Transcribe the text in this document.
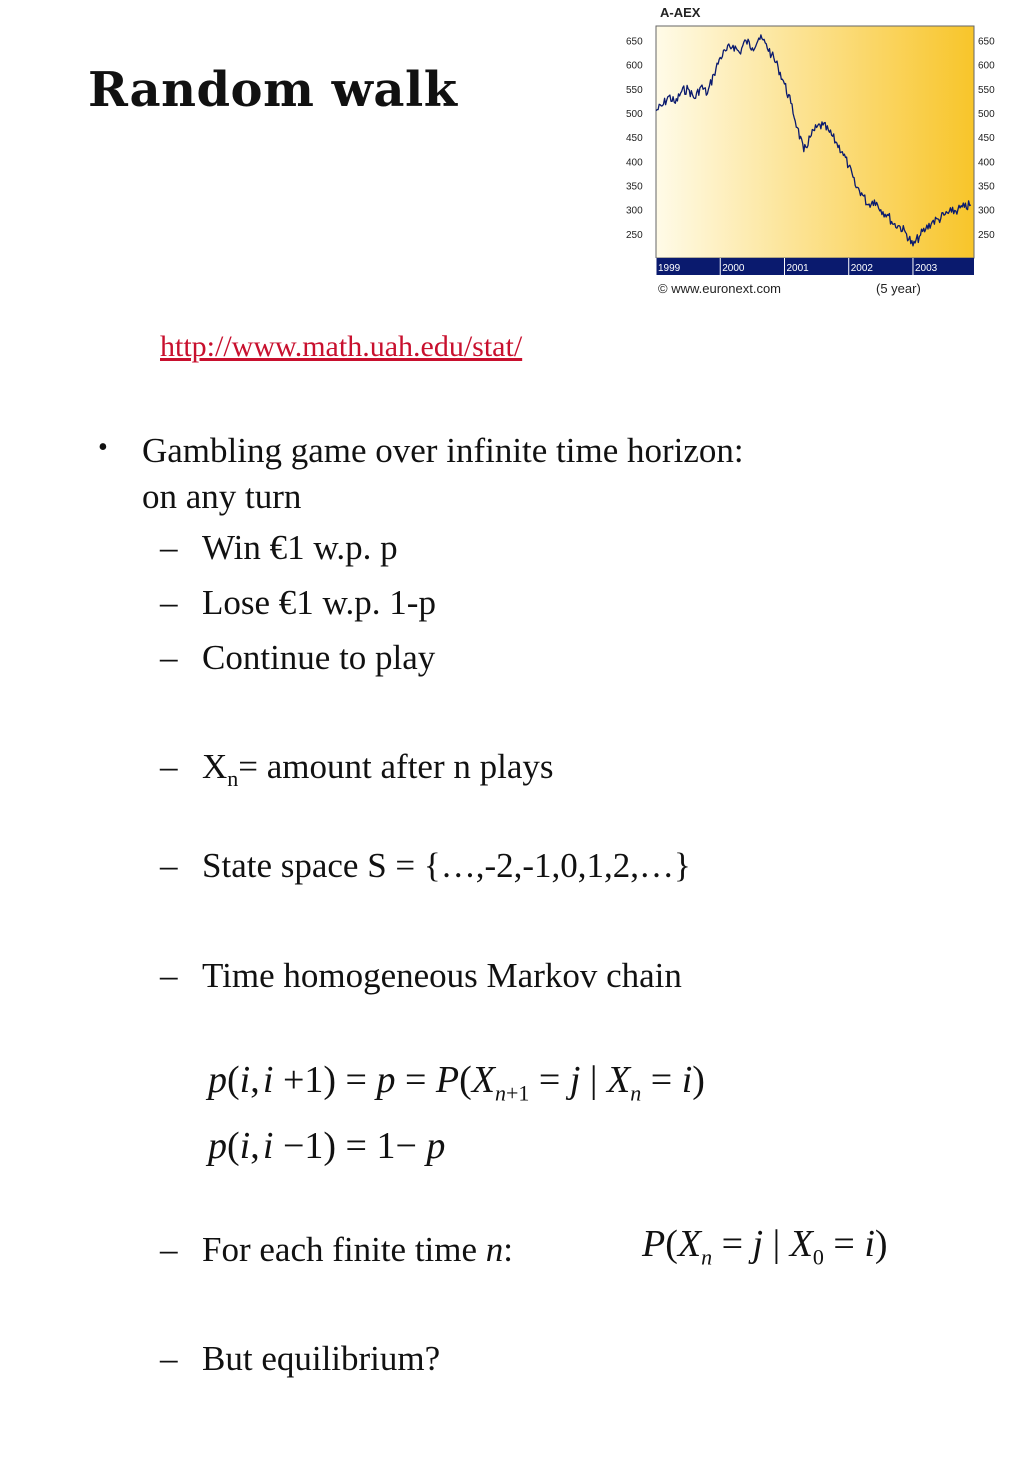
Random walk
A-AEX
650	650
600	600
550	550
500	500
450	450
400	400
350	350
300	300
250	250
1999	2000	2001	2002	2003
© www.euronext.com	(5 year)
http://www.math.uah.edu/stat/
• Gambling game over infinite time horizon:
on any turn
– Win €1 w.p. p
– Lose €1 w.p. 1-p
– Continue to play
– $X_n=$ amount after n plays
– State space S = {…,-2,-1,0,1,2,…}
– Time homogeneous Markov chain
p(i, $i +1) = p = P(X_{n+1} = j$ | $X_n = i$)
p(i, i −1) = 1− p
– For each finite time n:	$P(X_n = j$ | $X_0 = i$)
– But equilibrium?
